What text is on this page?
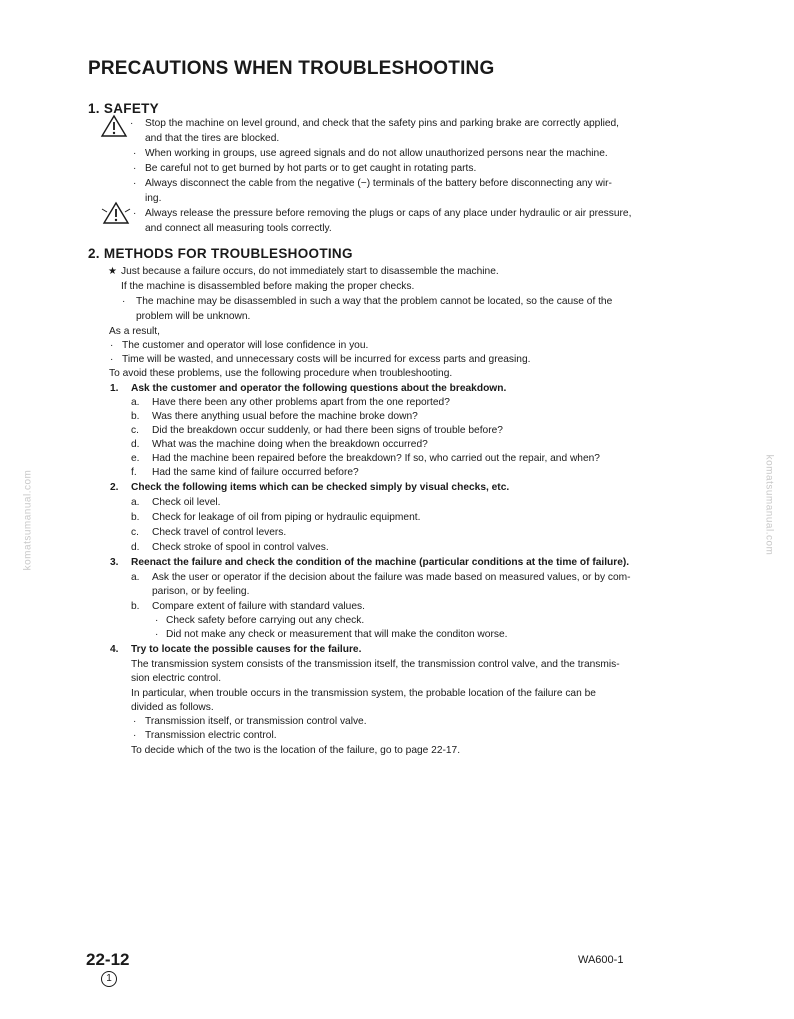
PRECAUTIONS WHEN TROUBLESHOOTING
1. SAFETY
· Stop the machine on level ground, and check that the safety pins and parking brake are correctly applied,
and that the tires are blocked.
· When working in groups, use agreed signals and do not allow unauthorized persons near the machine.
· Be careful not to get burned by hot parts or to get caught in rotating parts.
· Always disconnect the cable from the negative (−) terminals of the battery before disconnecting any wir-
ing.
· Always release the pressure before removing the plugs or caps of any place under hydraulic or air pressure,
and connect all measuring tools correctly.
2. METHODS FOR TROUBLESHOOTING
★ Just because a failure occurs, do not immediately start to disassemble the machine.
If the machine is disassembled before making the proper checks.
· The machine may be disassembled in such a way that the problem cannot be located, so the cause of the
problem will be unknown.
As a result,
· The customer and operator will lose confidence in you.
· Time will be wasted, and unnecessary costs will be incurred for excess parts and greasing.
To avoid these problems, use the following procedure when troubleshooting.
1. Ask the customer and operator the following questions about the breakdown.
a. Have there been any other problems apart from the one reported?
b. Was there anything usual before the machine broke down?
c. Did the breakdown occur suddenly, or had there been signs of trouble before?
d. What was the machine doing when the breakdown occurred?
e. Had the machine been repaired before the breakdown? If so, who carried out the repair, and when?
f. Had the same kind of failure occurred before?
2. Check the following items which can be checked simply by visual checks, etc.
a. Check oil level.
b. Check for leakage of oil from piping or hydraulic equipment.
c. Check travel of control levers.
d. Check stroke of spool in control valves.
3. Reenact the failure and check the condition of the machine (particular conditions at the time of failure).
a. Ask the user or operator if the decision about the failure was made based on measured values, or by com-
parison, or by feeling.
b. Compare extent of failure with standard values.
· Check safety before carrying out any check.
· Did not make any check or measurement that will make the conditon worse.
4. Try to locate the possible causes for the failure.
The transmission system consists of the transmission itself, the transmission control valve, and the transmis-
sion electric control.
In particular, when trouble occurs in the transmission system, the probable location of the failure can be
divided as follows.
· Transmission itself, or transmission control valve.
· Transmission electric control.
To decide which of the two is the location of the failure, go to page 22-17.
komatsumanual.com	komatsumanual.com
22-12
1
WA600-1
